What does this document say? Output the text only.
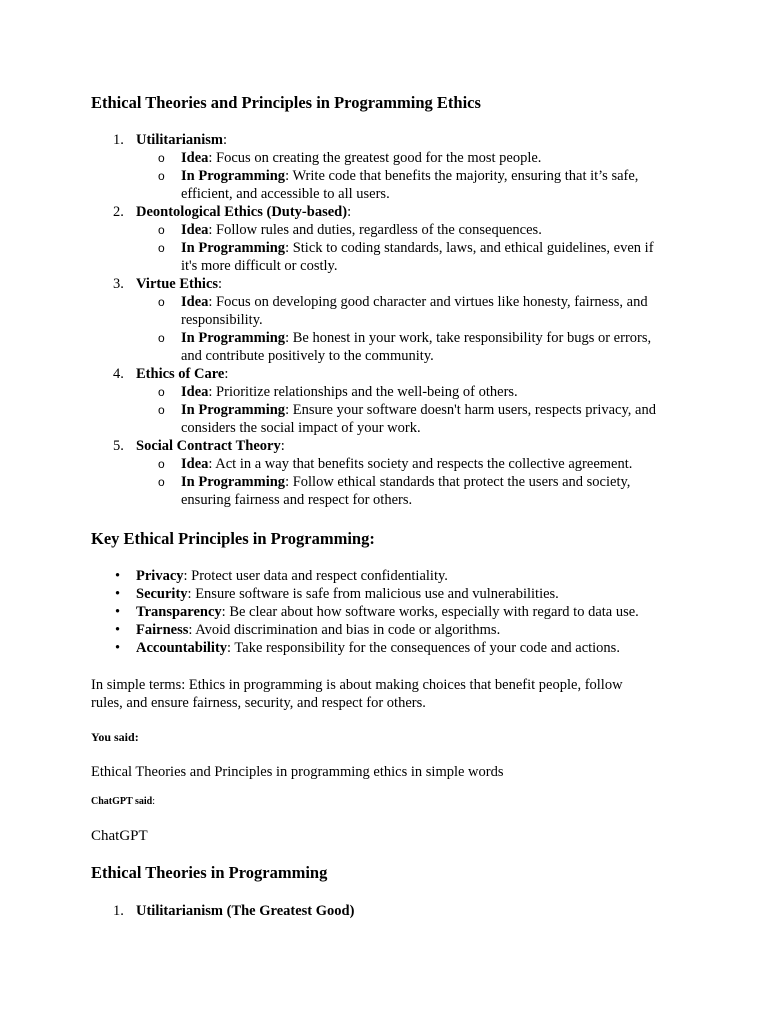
Ethical Theories and Principles in Programming Ethics
1. Utilitarianism:
o Idea: Focus on creating the greatest good for the most people.
o In Programming: Write code that benefits the majority, ensuring that it’s safe,
efficient, and accessible to all users.
2. Deontological Ethics (Duty-based):
o Idea: Follow rules and duties, regardless of the consequences.
o In Programming: Stick to coding standards, laws, and ethical guidelines, even if
it's more difficult or costly.
3. Virtue Ethics:
o Idea: Focus on developing good character and virtues like honesty, fairness, and
responsibility.
o In Programming: Be honest in your work, take responsibility for bugs or errors,
and contribute positively to the community.
4. Ethics of Care:
o Idea: Prioritize relationships and the well-being of others.
o In Programming: Ensure your software doesn't harm users, respects privacy, and
considers the social impact of your work.
5. Social Contract Theory:
o Idea: Act in a way that benefits society and respects the collective agreement.
o In Programming: Follow ethical standards that protect the users and society,
ensuring fairness and respect for others.
Key Ethical Principles in Programming:
• Privacy: Protect user data and respect confidentiality.
• Security: Ensure software is safe from malicious use and vulnerabilities.
• Transparency: Be clear about how software works, especially with regard to data use.
• Fairness: Avoid discrimination and bias in code or algorithms.
• Accountability: Take responsibility for the consequences of your code and actions.
In simple terms: Ethics in programming is about making choices that benefit people, follow
rules, and ensure fairness, security, and respect for others.
You said:
Ethical Theories and Principles in programming ethics in simple words
ChatGPT said:
ChatGPT
Ethical Theories in Programming
1. Utilitarianism (The Greatest Good)
